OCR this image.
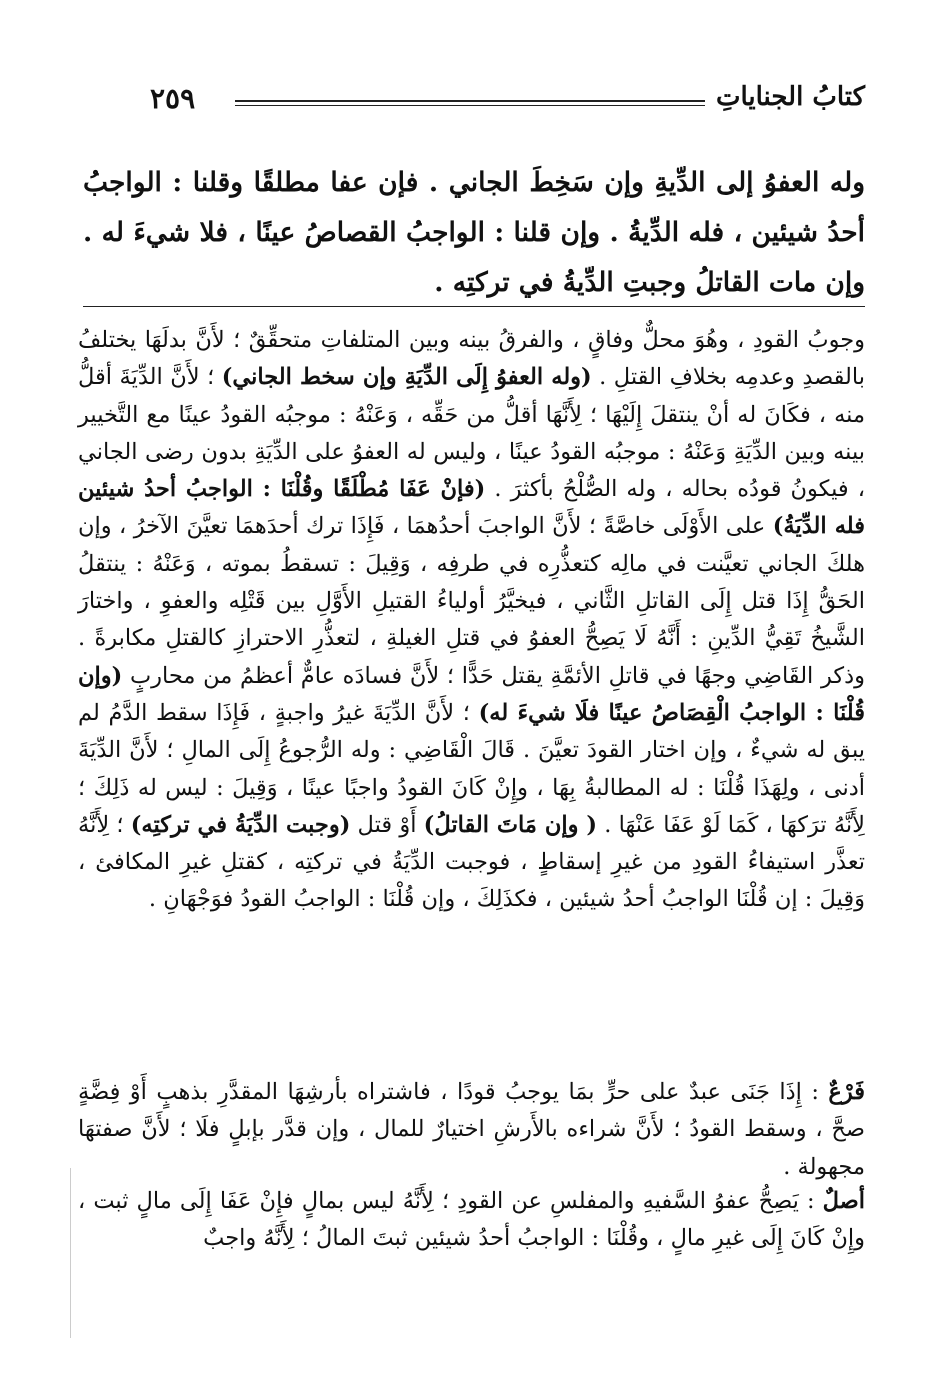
كتابُ الجناياتِ
٢٥٩
وله العفوُ إلى الدِّيةِ وإن سَخِطَ الجاني . فإن عفا مطلقًا وقلنا : الواجبُ أحدُ شيئين ، فله الدِّيةُ . وإن قلنا : الواجبُ القصاصُ عينًا ، فلا شيءَ له . وإن مات القاتلُ وجبتِ الدِّيةُ في تركتِه .

وجوبُ القودِ ، وهُوَ محلٌّ وفاقٍ ، والفرقُ بينه وبين المتلفاتِ متحقِّقٌ ؛ لأَنَّ بدلَهَا يختلفُ بالقصدِ وعدمِه بخلافِ القتلِ . (وله العفوُ إِلَى الدِّيَةِ وإن سخط الجاني) ؛ لأَنَّ الدِّيَةَ أقلُّ منه ، فكَانَ له أنْ ينتقلَ إِلَيْهَا ؛ لِأَنَّهَا أقلُّ من حَقِّه ، وَعَنْهُ : موجبُه القودُ عينًا مع التَّخيير بينه وبين الدِّيَةِ وَعَنْهُ : موجبُه القودُ عينًا ، وليس له العفوُ على الدِّيَةِ بدون رضى الجاني ، فيكونُ قودُه بحاله ، وله الصُّلْحُ بأكثرَ . (فإنْ عَفَا مُطْلَقًا وقُلْنَا : الواجبُ أحدُ شيئين فله الدِّيَةُ) على الأَوْلَى خاصَّةً ؛ لأَنَّ الواجبَ أحدُهمَا ، فَإِذَا ترك أحدَهمَا تعيَّنَ الآخرُ ، وإن هلكَ الجاني تعيَّنت في مالِه كتعذُّرِه في طرفِه ، وَقِيلَ : تسقطُ بموته ، وَعَنْهُ : ينتقلُ الحَقُّ إِذَا قتل إِلَى القاتلِ الثَّاني ، فيخيَّرُ أولياءُ القتيلِ الأَوَّلِ بين قَتْلِه والعفوِ ، واختارَ الشَّيخُ تَقِيُّ الدِّينِ : أَنَّهُ لَا يَصِحُّ العفوُ في قتلِ الغيلةِ ، لتعذُّرِ الاحترازِ كالقتلِ مكابرةً . وذكر القَاضِي وجهًا في قاتلِ الأئمَّةِ يقتل حَدًّا ؛ لأَنَّ فسادَه عامٌّ أعظمُ من محاربٍ (وإن قُلْنَا : الواجبُ الْقِصَاصُ عينًا فلَا شيءَ له) ؛ لأَنَّ الدِّيَةَ غيرُ واجبةٍ ، فَإِذَا سقط الدَّمُ لم يبق له شيءٌ ، وإن اختار القودَ تعيَّنَ . قَالَ الْقَاضِي : وله الرُّجوعُ إِلَى المالِ ؛ لأَنَّ الدِّيَةَ أدنى ، ولِهَذَا قُلْنَا : له المطالبةُ بِهَا ، وإِنْ كَانَ القودُ واجبًا عينًا ، وَقِيلَ : ليس له ذَلِكَ ؛ لِأَنَّهُ ترَكهَا ، كَمَا لَوْ عَفَا عَنْهَا . ( وإن مَاتَ القاتلُ) أَوْ قتل (وجبت الدِّيَةُ في تركتِه) ؛ لِأَنَّهُ تعذَّر استيفاءُ القودِ من غيرِ إسقاطٍ ، فوجبت الدِّيَةُ في تركتِه ، كقتلِ غيرِ المكافئ ، وَقِيلَ : إن قُلْنَا الواجبُ أحدُ شيئين ، فكذَلِكَ ، وإن قُلْنَا : الواجبُ القودُ فوَجْهَانِ .

فَرْعٌ : إِذَا جَنَى عبدٌ على حرٍّ بمَا يوجبُ قودًا ، فاشتراه بأرشِهَا المقدَّرِ بذهبٍ أَوْ فِضَّةٍ صحَّ ، وسقط القودُ ؛ لأَنَّ شراءه بالأَرشِ اختيارٌ للمال ، وإن قدَّر بإبلٍ فلَا ؛ لأَنَّ صفتهَا مجهولة .

أصلٌ : يَصِحُّ عفوُ السَّفيهِ والمفلسِ عن القودِ ؛ لِأَنَّهُ ليس بمالٍ فإِنْ عَفَا إِلَى مالٍ ثبت ، وإِنْ كَانَ إِلَى غيرِ مالٍ ، وقُلْنَا : الواجبُ أحدُ شيئين ثبتَ المالُ ؛ لِأَنَّهُ واجبٌ
